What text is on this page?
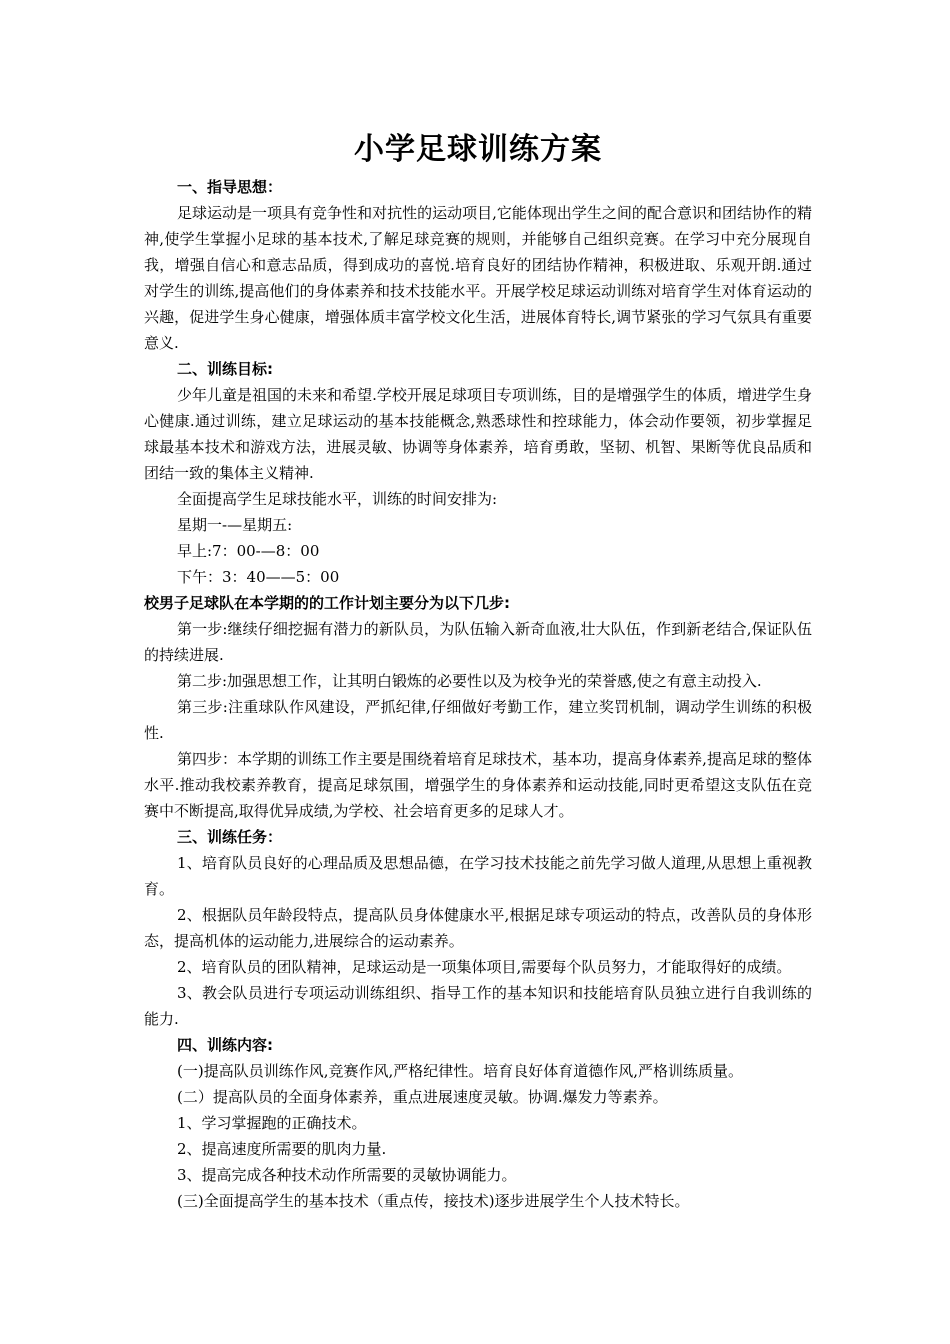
小学足球训练方案
一、指导思想：

足球运动是一项具有竞争性和对抗性的运动项目,它能体现出学生之间的配合意识和团结协作的精神,使学生掌握小足球的基本技术,了解足球竞赛的规则，并能够自己组织竞赛。在学习中充分展现自我，增强自信心和意志品质，得到成功的喜悦.培育良好的团结协作精神，积极进取、乐观开朗.通过对学生的训练,提高他们的身体素养和技术技能水平。开展学校足球运动训练对培育学生对体育运动的兴趣，促进学生身心健康，增强体质丰富学校文化生活，进展体育特长,调节紧张的学习气氛具有重要意义.

二、训练目标:

少年儿童是祖国的未来和希望.学校开展足球项目专项训练，目的是增强学生的体质，增进学生身心健康.通过训练，建立足球运动的基本技能概念,熟悉球性和控球能力，体会动作要领，初步掌握足球最基本技术和游戏方法，进展灵敏、协调等身体素养，培育勇敢，坚韧、机智、果断等优良品质和团结一致的集体主义精神.

全面提高学生足球技能水平，训练的时间安排为:

星期一-—星期五:

早上:7：00-—8：00

下午：3：40——5：00

校男子足球队在本学期的的工作计划主要分为以下几步:

第一步:继续仔细挖掘有潜力的新队员，为队伍输入新奇血液,壮大队伍，作到新老结合,保证队伍的持续进展.

第二步:加强思想工作，让其明白锻炼的必要性以及为校争光的荣誉感,使之有意主动投入.

第三步:注重球队作风建设，严抓纪律,仔细做好考勤工作，建立奖罚机制，调动学生训练的积极性.

第四步：本学期的训练工作主要是围绕着培育足球技术，基本功，提高身体素养,提高足球的整体水平.推动我校素养教育，提高足球氛围，增强学生的身体素养和运动技能,同时更希望这支队伍在竞赛中不断提高,取得优异成绩,为学校、社会培育更多的足球人才。

三、训练任务：

1、培育队员良好的心理品质及思想品德，在学习技术技能之前先学习做人道理,从思想上重视教育。

2、根据队员年龄段特点，提高队员身体健康水平,根据足球专项运动的特点，改善队员的身体形态，提高机体的运动能力,进展综合的运动素养。

2、培育队员的团队精神，足球运动是一项集体项目,需要每个队员努力，才能取得好的成绩。

3、教会队员进行专项运动训练组织、指导工作的基本知识和技能培育队员独立进行自我训练的能力.

四、训练内容:

(一)提高队员训练作风,竞赛作风,严格纪律性。培育良好体育道德作风,严格训练质量。

(二）提高队员的全面身体素养，重点进展速度灵敏。协调.爆发力等素养。

1、学习掌握跑的正确技术。

2、提高速度所需要的肌肉力量.

3、提高完成各种技术动作所需要的灵敏协调能力。

(三)全面提高学生的基本技术（重点传，接技术)逐步进展学生个人技术特长。
